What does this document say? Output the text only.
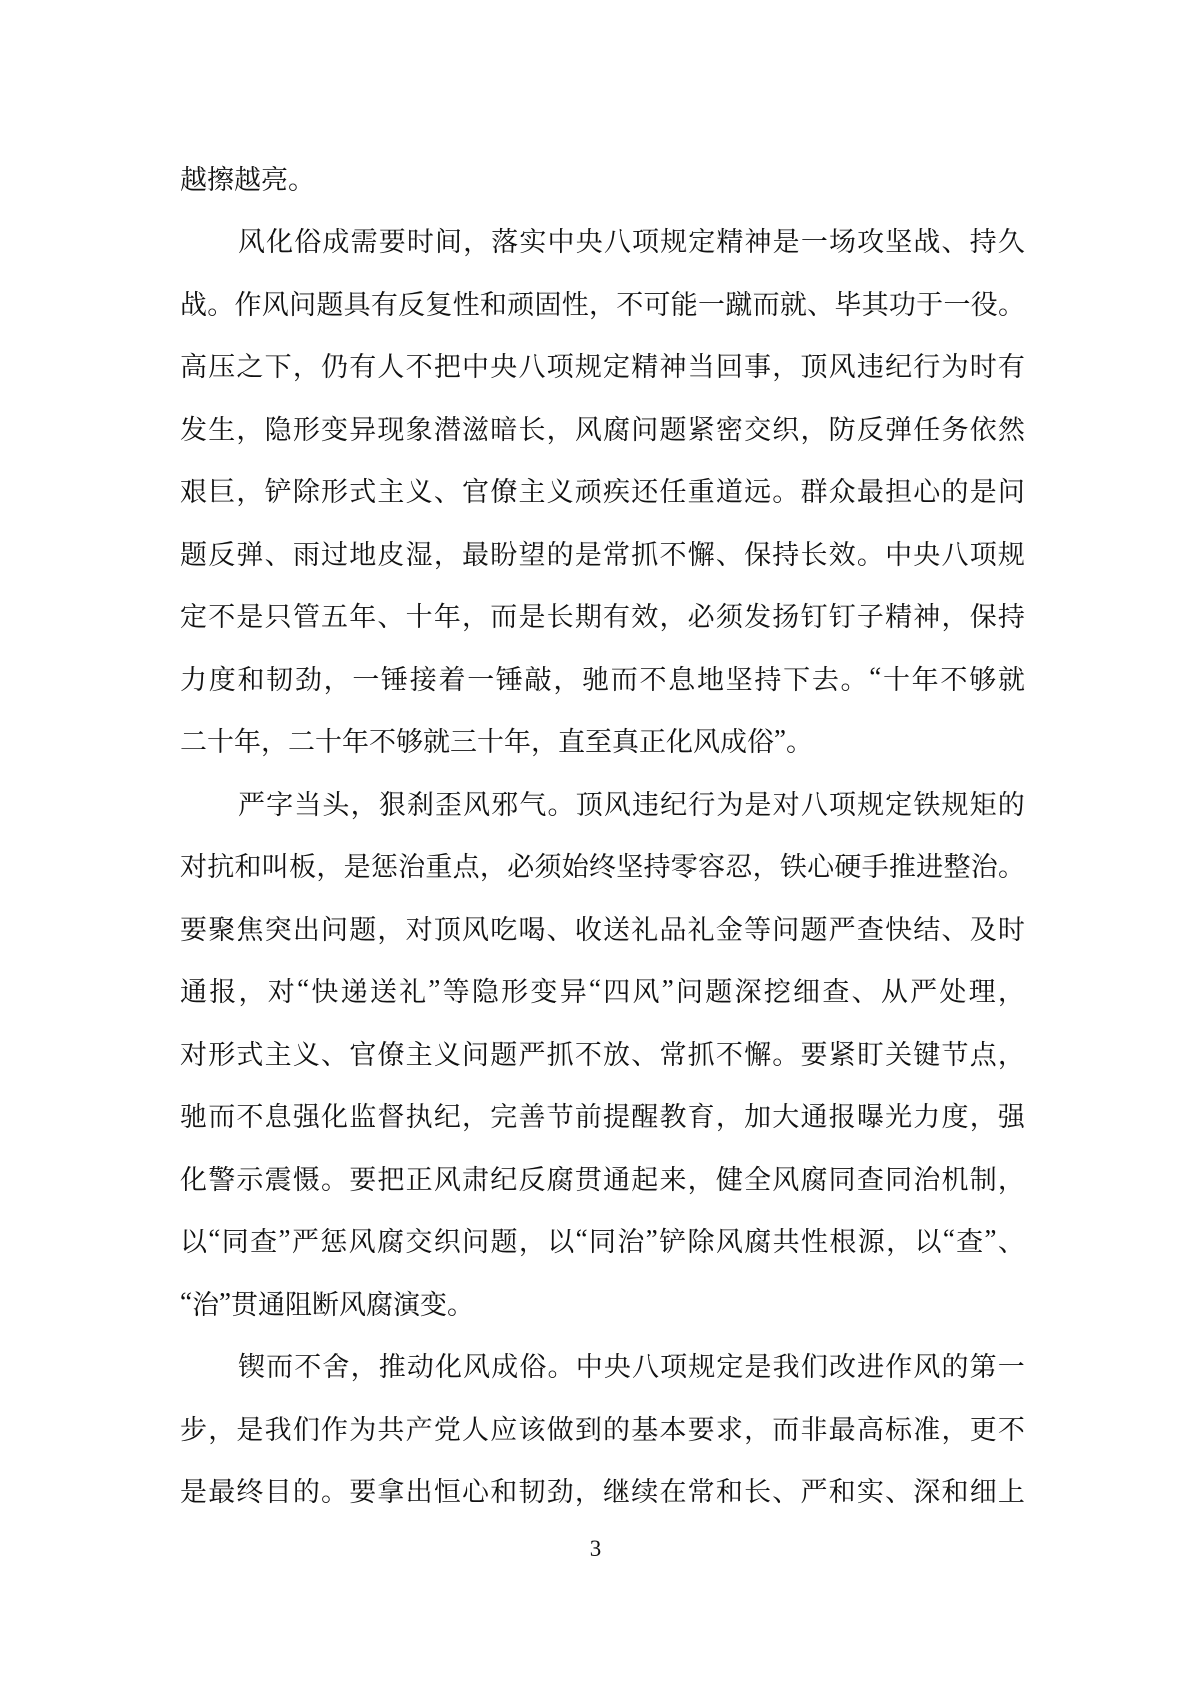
越 擦 越 亮 。
风 化 俗 成 需 要 时 间 ， 落 实 中 央 八 项 规 定 精 神 是 一 场 攻 坚 战 、 持 久
战 。 作 风 问 题 具 有 反 复 性 和 顽 固 性 ， 不 可 能 一 蹴 而 就 、 毕 其 功 于 一 役 。
高 压 之 下 ， 仍 有 人 不 把 中 央 八 项 规 定 精 神 当 回 事 ， 顶 风 违 纪 行 为 时 有
发 生 ， 隐 形 变 异 现 象 潜 滋 暗 长 ， 风 腐 问 题 紧 密 交 织 ， 防 反 弹 任 务 依 然
艰 巨 ， 铲 除 形 式 主 义 、 官 僚 主 义 顽 疾 还 任 重 道 远 。 群 众 最 担 心 的 是 问
题 反 弹 、 雨 过 地 皮 湿 ， 最 盼 望 的 是 常 抓 不 懈 、 保 持 长 效 。 中 央 八 项 规
定 不 是 只 管 五 年 、 十 年 ， 而 是 长 期 有 效 ， 必 须 发 扬 钉 钉 子 精 神 ， 保 持
力 度 和 韧 劲 ， 一 锤 接 着 一 锤 敲 ， 驰 而 不 息 地 坚 持 下 去 。 “ 十 年 不 够 就
二 十 年 ， 二 十 年 不 够 就 三 十 年 ， 直 至 真 正 化 风 成 俗 ” 。
严 字 当 头 ， 狠 刹 歪 风 邪 气 。 顶 风 违 纪 行 为 是 对 八 项 规 定 铁 规 矩 的
对 抗 和 叫 板 ， 是 惩 治 重 点 ， 必 须 始 终 坚 持 零 容 忍 ， 铁 心 硬 手 推 进 整 治 。
要 聚 焦 突 出 问 题 ， 对 顶 风 吃 喝 、 收 送 礼 品 礼 金 等 问 题 严 查 快 结 、 及 时
通 报 ， 对 “ 快 递 送 礼 ” 等 隐 形 变 异 “ 四 风 ” 问 题 深 挖 细 查 、 从 严 处 理 ，
对 形 式 主 义 、 官 僚 主 义 问 题 严 抓 不 放 、 常 抓 不 懈 。 要 紧 盯 关 键 节 点 ，
驰 而 不 息 强 化 监 督 执 纪 ， 完 善 节 前 提 醒 教 育 ， 加 大 通 报 曝 光 力 度 ， 强
化 警 示 震 慑 。 要 把 正 风 肃 纪 反 腐 贯 通 起 来 ， 健 全 风 腐 同 查 同 治 机 制 ，
以 “ 同 查 ” 严 惩 风 腐 交 织 问 题 ， 以 “ 同 治 ” 铲 除 风 腐 共 性 根 源 ， 以 “ 查 ” 、
“ 治 ” 贯 通 阻 断 风 腐 演 变 。
锲 而 不 舍 ， 推 动 化 风 成 俗 。 中 央 八 项 规 定 是 我 们 改 进 作 风 的 第 一
步 ， 是 我 们 作 为 共 产 党 人 应 该 做 到 的 基 本 要 求 ， 而 非 最 高 标 准 ， 更 不
是 最 终 目 的 。 要 拿 出 恒 心 和 韧 劲 ， 继 续 在 常 和 长 、 严 和 实 、 深 和 细 上
3
